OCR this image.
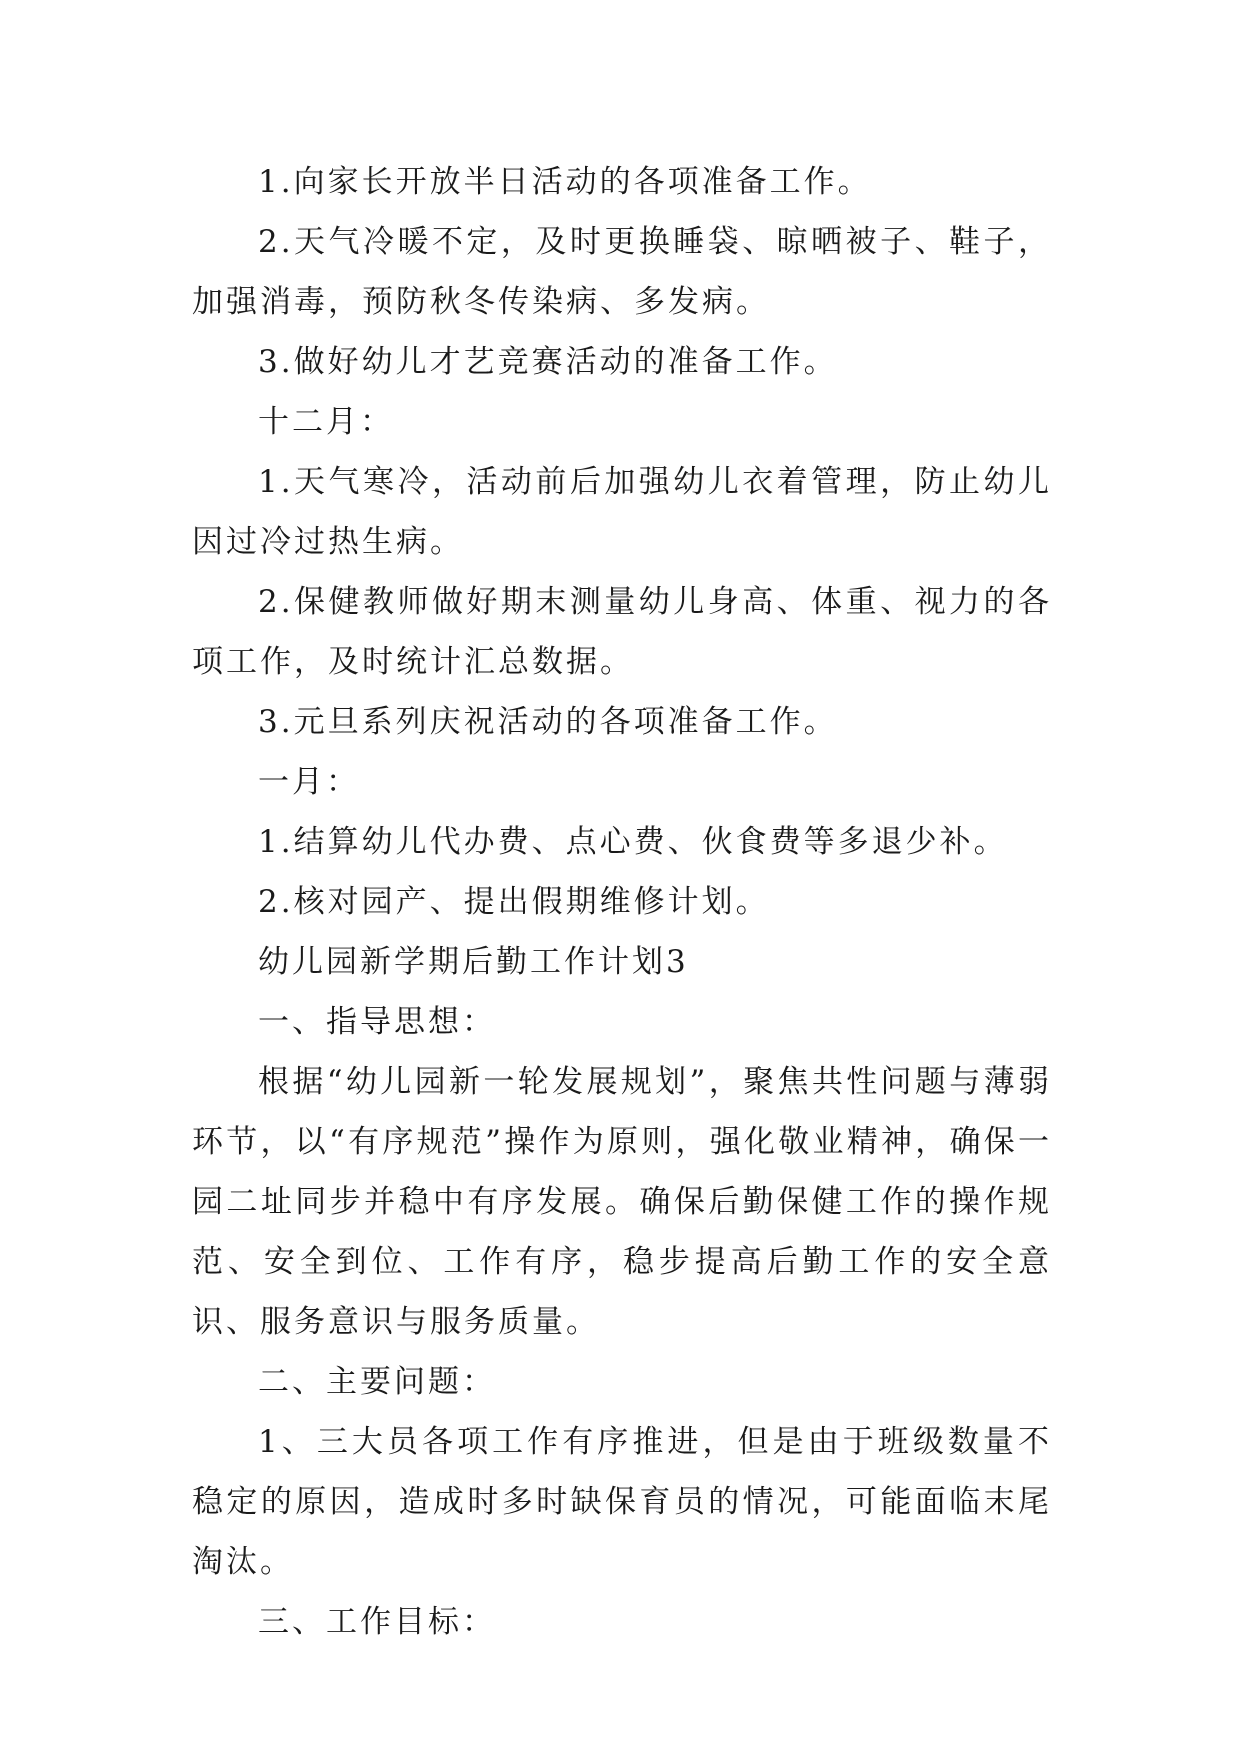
1.向家长开放半日活动的各项准备工作。

2.天气冷暖不定，及时更换睡袋、晾晒被子、鞋子，加强消毒，预防秋冬传染病、多发病。

3.做好幼儿才艺竞赛活动的准备工作。

十二月：

1.天气寒冷，活动前后加强幼儿衣着管理，防止幼儿因过冷过热生病。

2.保健教师做好期末测量幼儿身高、体重、视力的各项工作，及时统计汇总数据。

3.元旦系列庆祝活动的各项准备工作。

一月：

1.结算幼儿代办费、点心费、伙食费等多退少补。

2.核对园产、提出假期维修计划。

幼儿园新学期后勤工作计划3

一、指导思想：

根据“幼儿园新一轮发展规划”，聚焦共性问题与薄弱环节，以“有序规范”操作为原则，强化敬业精神，确保一园二址同步并稳中有序发展。确保后勤保健工作的操作规范、安全到位、工作有序，稳步提高后勤工作的安全意识、服务意识与服务质量。

二、主要问题：

1、三大员各项工作有序推进，但是由于班级数量不稳定的原因，造成时多时缺保育员的情况，可能面临末尾淘汰。

三、工作目标：
